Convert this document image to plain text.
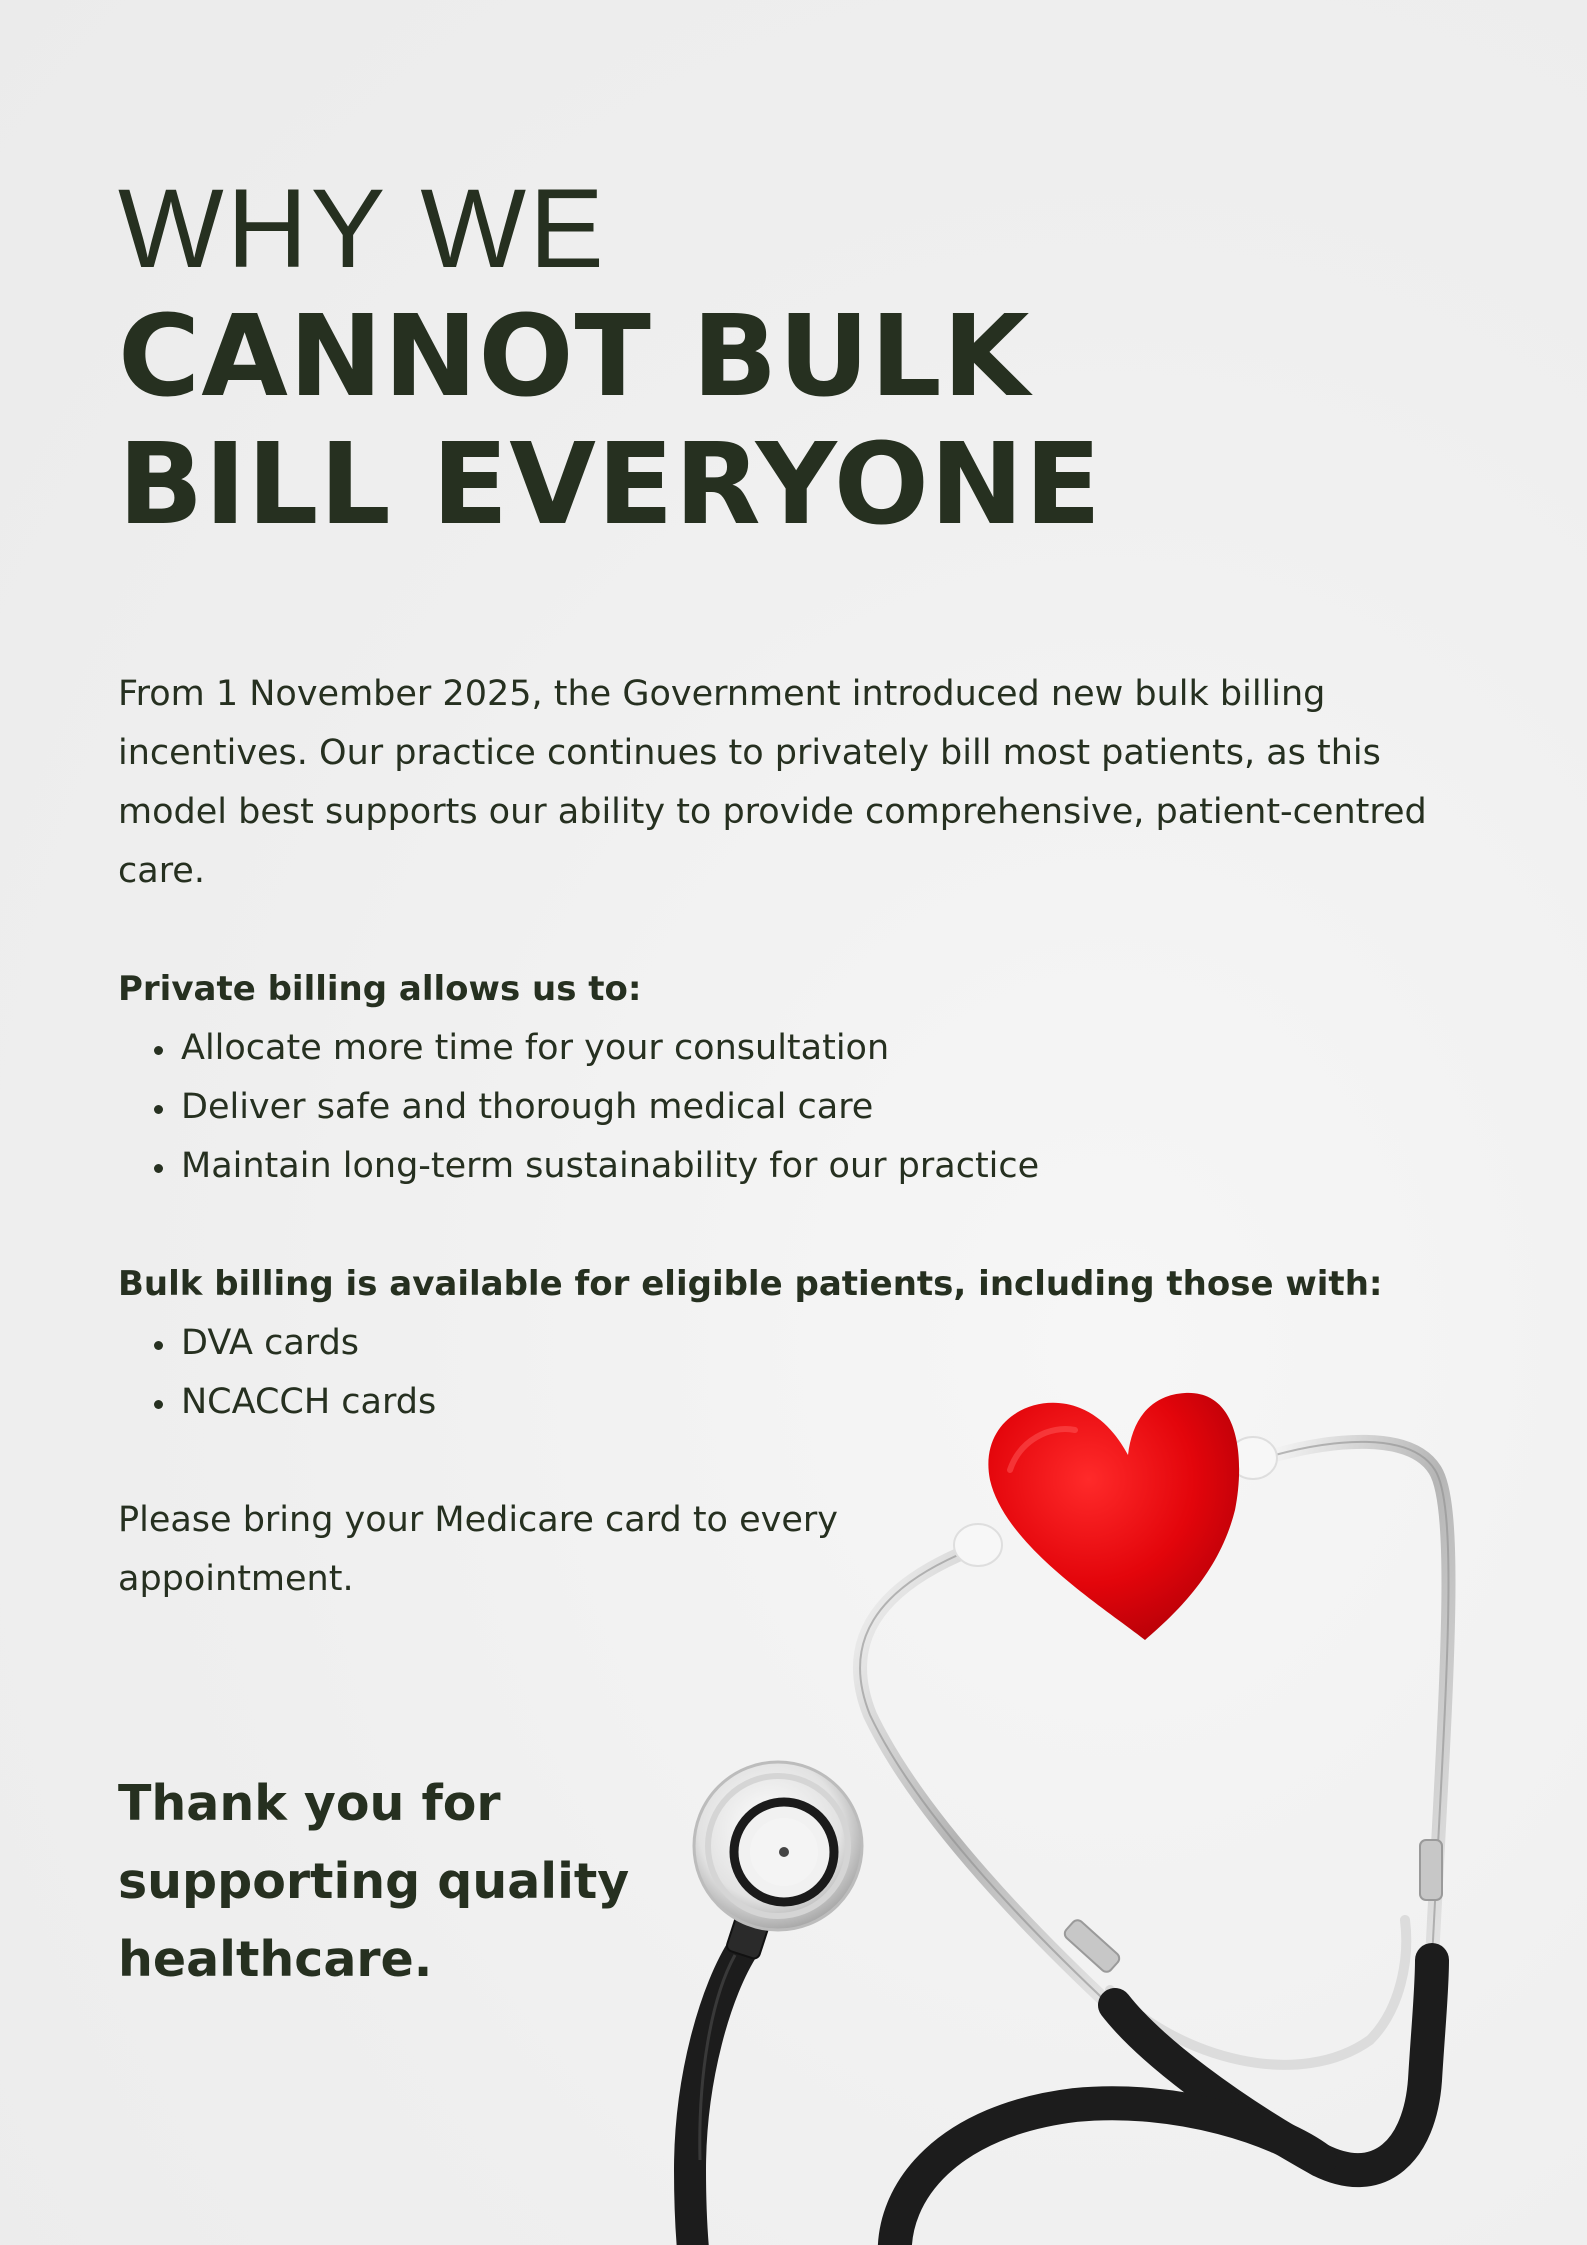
WHY WE
CANNOT BULK
BILL EVERYONE

From 1 November 2025, the Government introduced new bulk billing incentives. Our practice continues to privately bill most patients, as this model best supports our ability to provide comprehensive, patient-centred care.

Private billing allows us to:

Allocate more time for your consultation
Deliver safe and thorough medical care
Maintain long-term sustainability for our practice

Bulk billing is available for eligible patients, including those with:

DVA cards
NCACCH cards

Please bring your Medicare card to every appointment.

Thank you for supporting quality healthcare.
